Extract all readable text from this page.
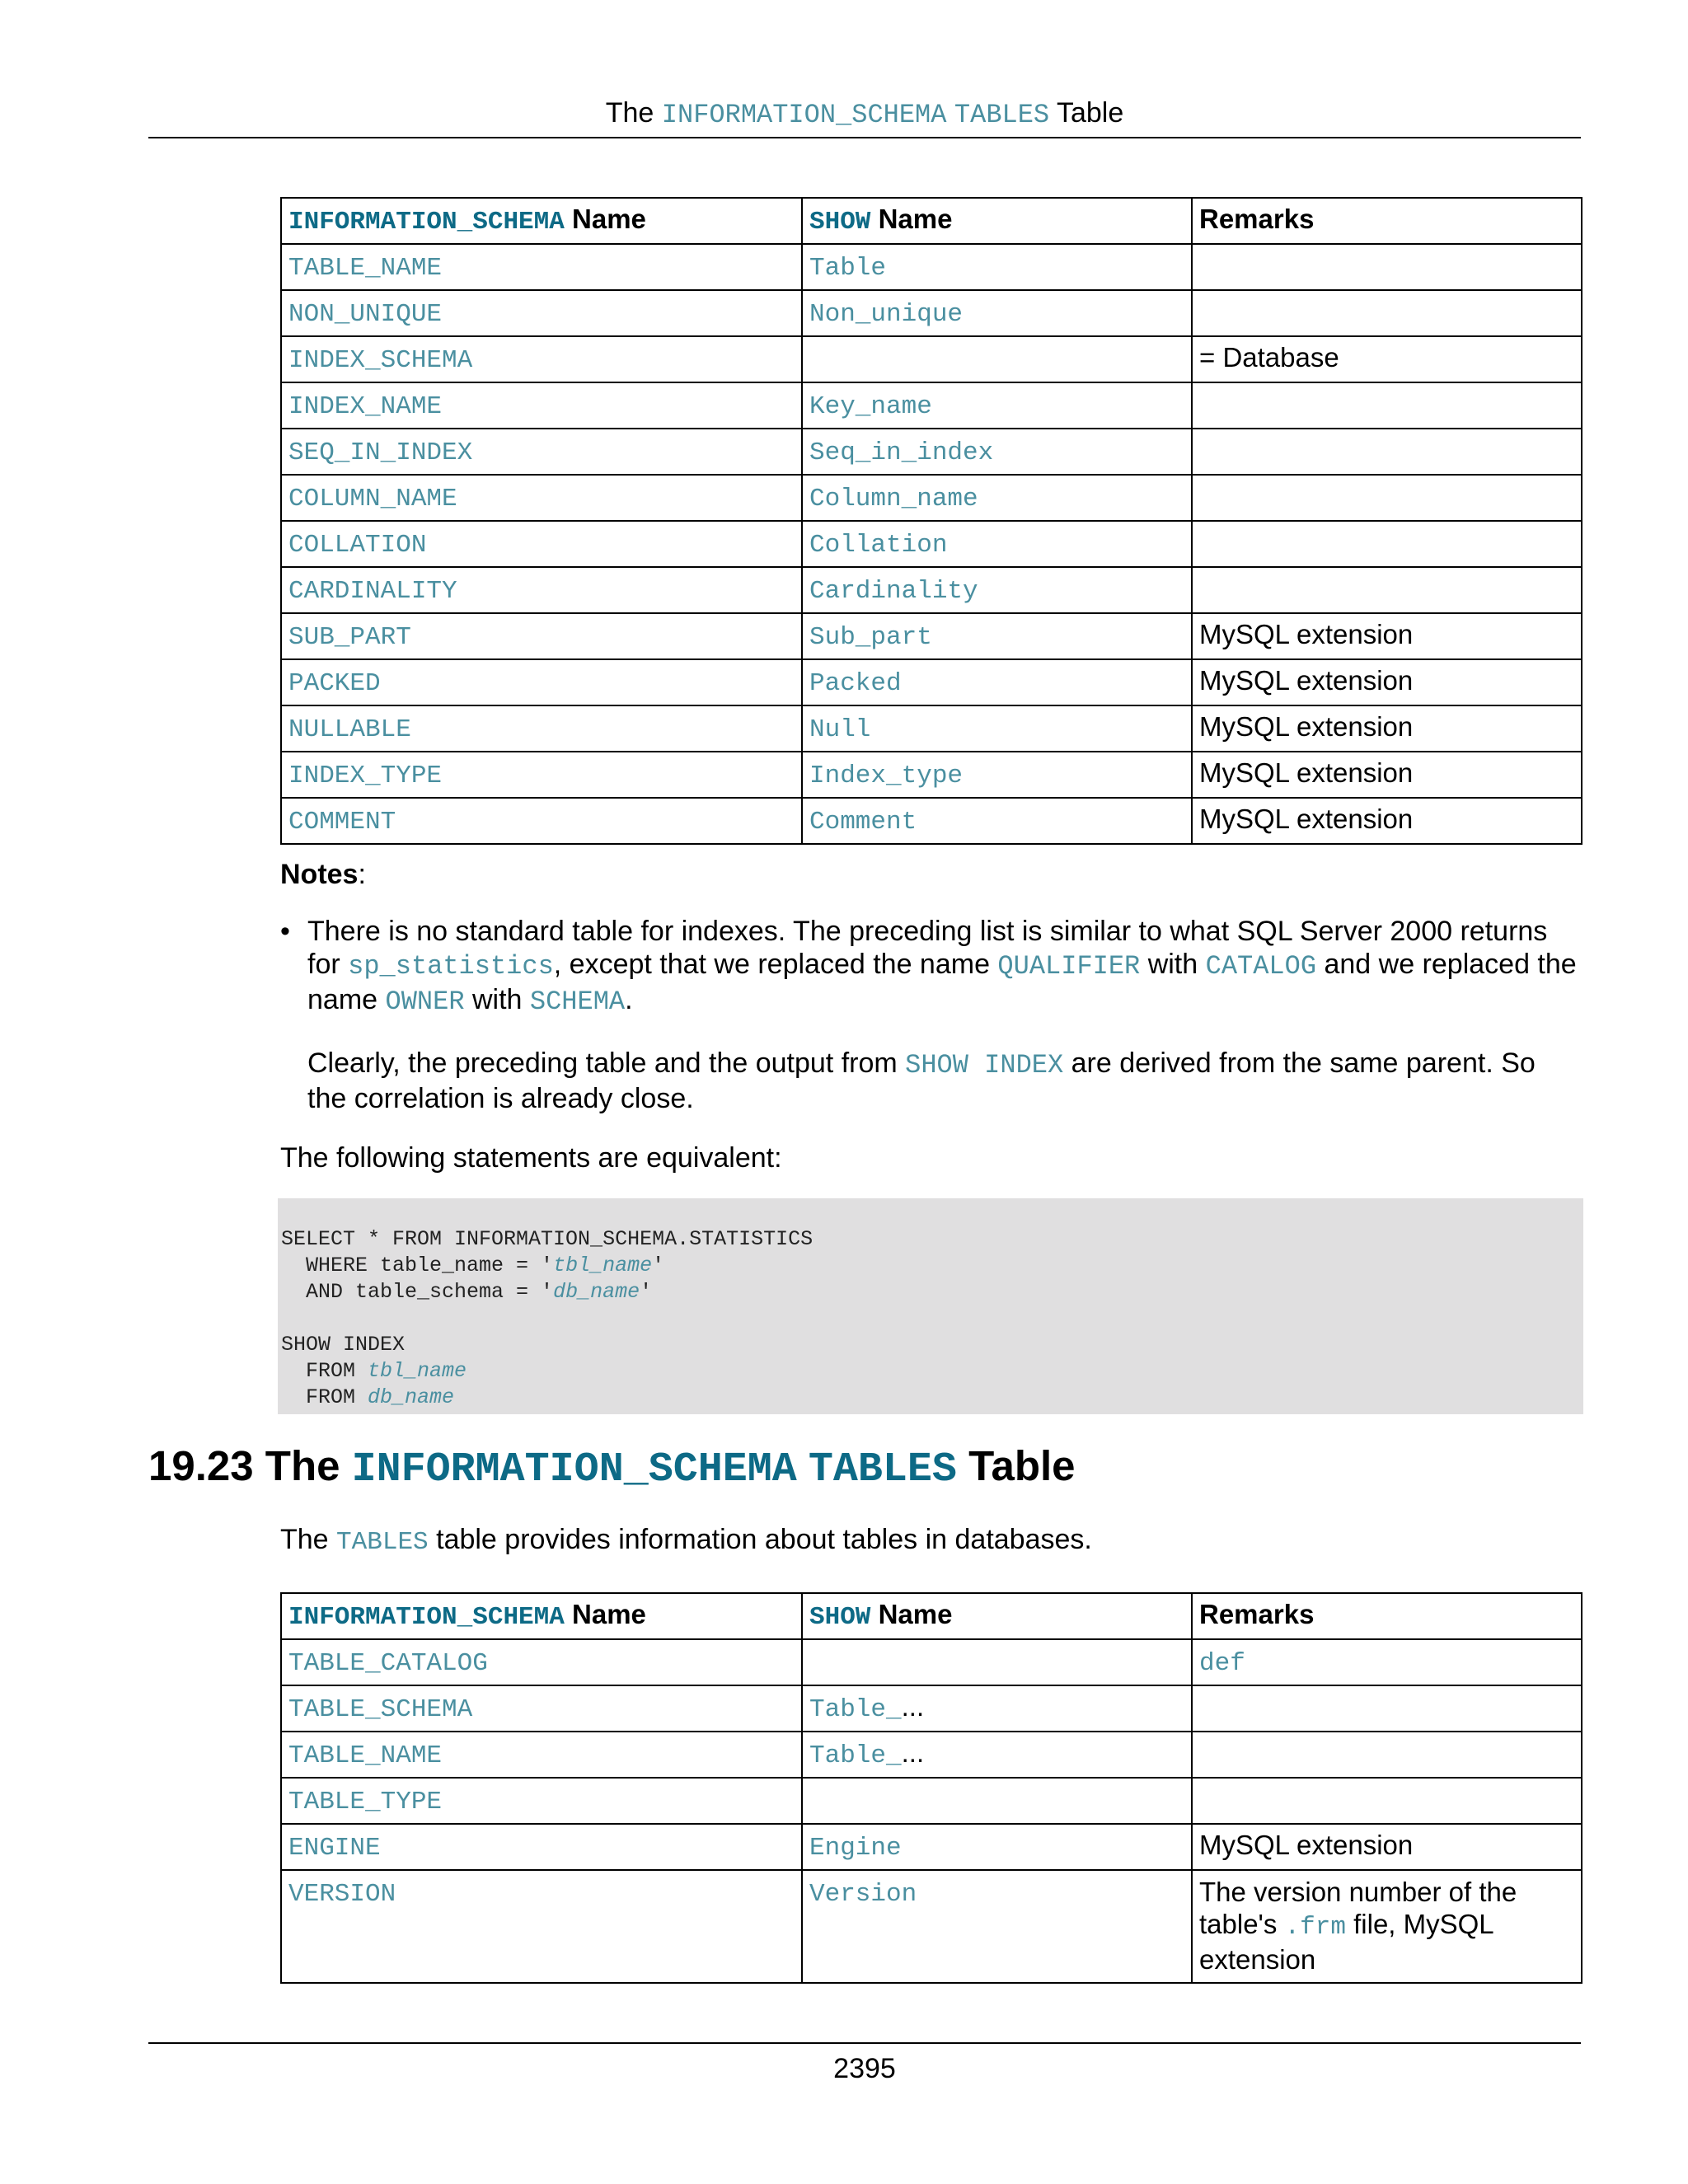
The INFORMATION_SCHEMA TABLES Table
INFORMATION_SCHEMA Name	SHOW Name	Remarks
TABLE_NAME	Table	
NON_UNIQUE	Non_unique	
INDEX_SCHEMA		= Database
INDEX_NAME	Key_name	
SEQ_IN_INDEX	Seq_in_index	
COLUMN_NAME	Column_name	
COLLATION	Collation	
CARDINALITY	Cardinality	
SUB_PART	Sub_part	MySQL extension
PACKED	Packed	MySQL extension
NULLABLE	Null	MySQL extension
INDEX_TYPE	Index_type	MySQL extension
COMMENT	Comment	MySQL extension
Notes:
• There is no standard table for indexes. The preceding list is similar to what SQL Server 2000 returns for sp_statistics, except that we replaced the name QUALIFIER with CATALOG and we replaced the name OWNER with SCHEMA.
Clearly, the preceding table and the output from SHOW INDEX are derived from the same parent. So the correlation is already close.
The following statements are equivalent:
SELECT * FROM INFORMATION_SCHEMA.STATISTICS
WHERE table_name = 'tbl_name'
AND table_schema = 'db_name'

SHOW INDEX
FROM tbl_name
FROM db_name
19.23 The INFORMATION_SCHEMA TABLES Table
The TABLES table provides information about tables in databases.
INFORMATION_SCHEMA Name	SHOW Name	Remarks
TABLE_CATALOG		def
TABLE_SCHEMA	Table_...	
TABLE_NAME	Table_...	
TABLE_TYPE		
ENGINE	Engine	MySQL extension
VERSION	Version	The version number of the table's .frm file, MySQL extension
2395
